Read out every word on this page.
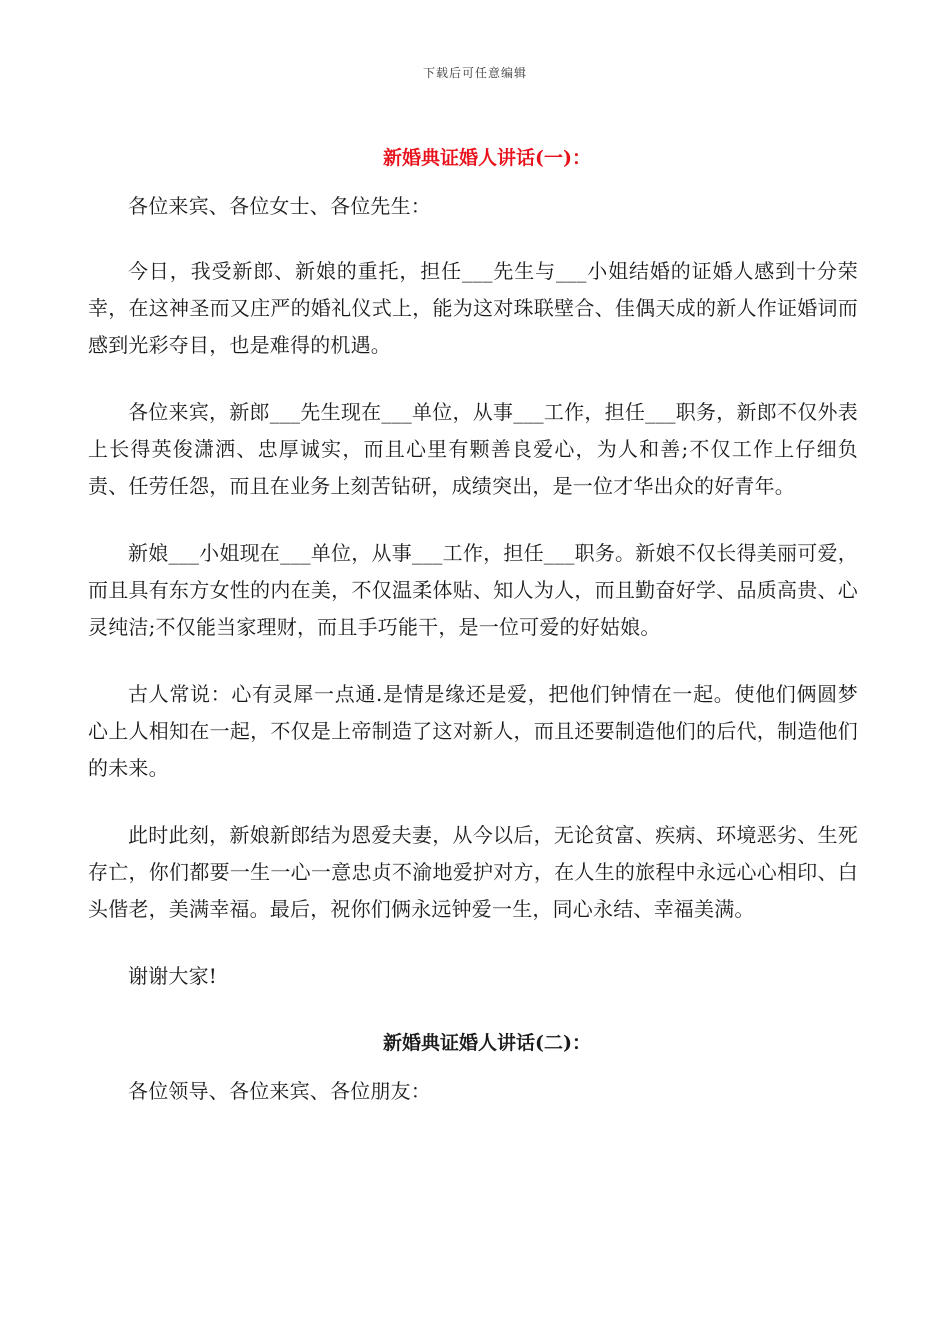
下载后可任意编辑
新婚典证婚人讲话(一)：

各位来宾、各位女士、各位先生：

今日，我受新郎、新娘的重托，担任___先生与___小姐结婚的证婚人感到十分荣幸，在这神圣而又庄严的婚礼仪式上，能为这对珠联壁合、佳偶天成的新人作证婚词而感到光彩夺目，也是难得的机遇。

各位来宾，新郎___先生现在___单位，从事___工作，担任___职务，新郎不仅外表上长得英俊潇洒、忠厚诚实，而且心里有颗善良爱心，为人和善;不仅工作上仔细负责、任劳任怨，而且在业务上刻苦钻研，成绩突出，是一位才华出众的好青年。

新娘___小姐现在___单位，从事___工作，担任___职务。新娘不仅长得美丽可爱，而且具有东方女性的内在美，不仅温柔体贴、知人为人，而且勤奋好学、品质高贵、心灵纯洁;不仅能当家理财，而且手巧能干，是一位可爱的好姑娘。

古人常说：心有灵犀一点通.是情是缘还是爱，把他们钟情在一起。使他们俩圆梦心上人相知在一起，不仅是上帝制造了这对新人，而且还要制造他们的后代，制造他们的未来。

此时此刻，新娘新郎结为恩爱夫妻，从今以后，无论贫富、疾病、环境恶劣、生死存亡，你们都要一生一心一意忠贞不渝地爱护对方，在人生的旅程中永远心心相印、白头偕老，美满幸福。最后，祝你们俩永远钟爱一生，同心永结、幸福美满。

谢谢大家!

新婚典证婚人讲话(二)：

各位领导、各位来宾、各位朋友：
